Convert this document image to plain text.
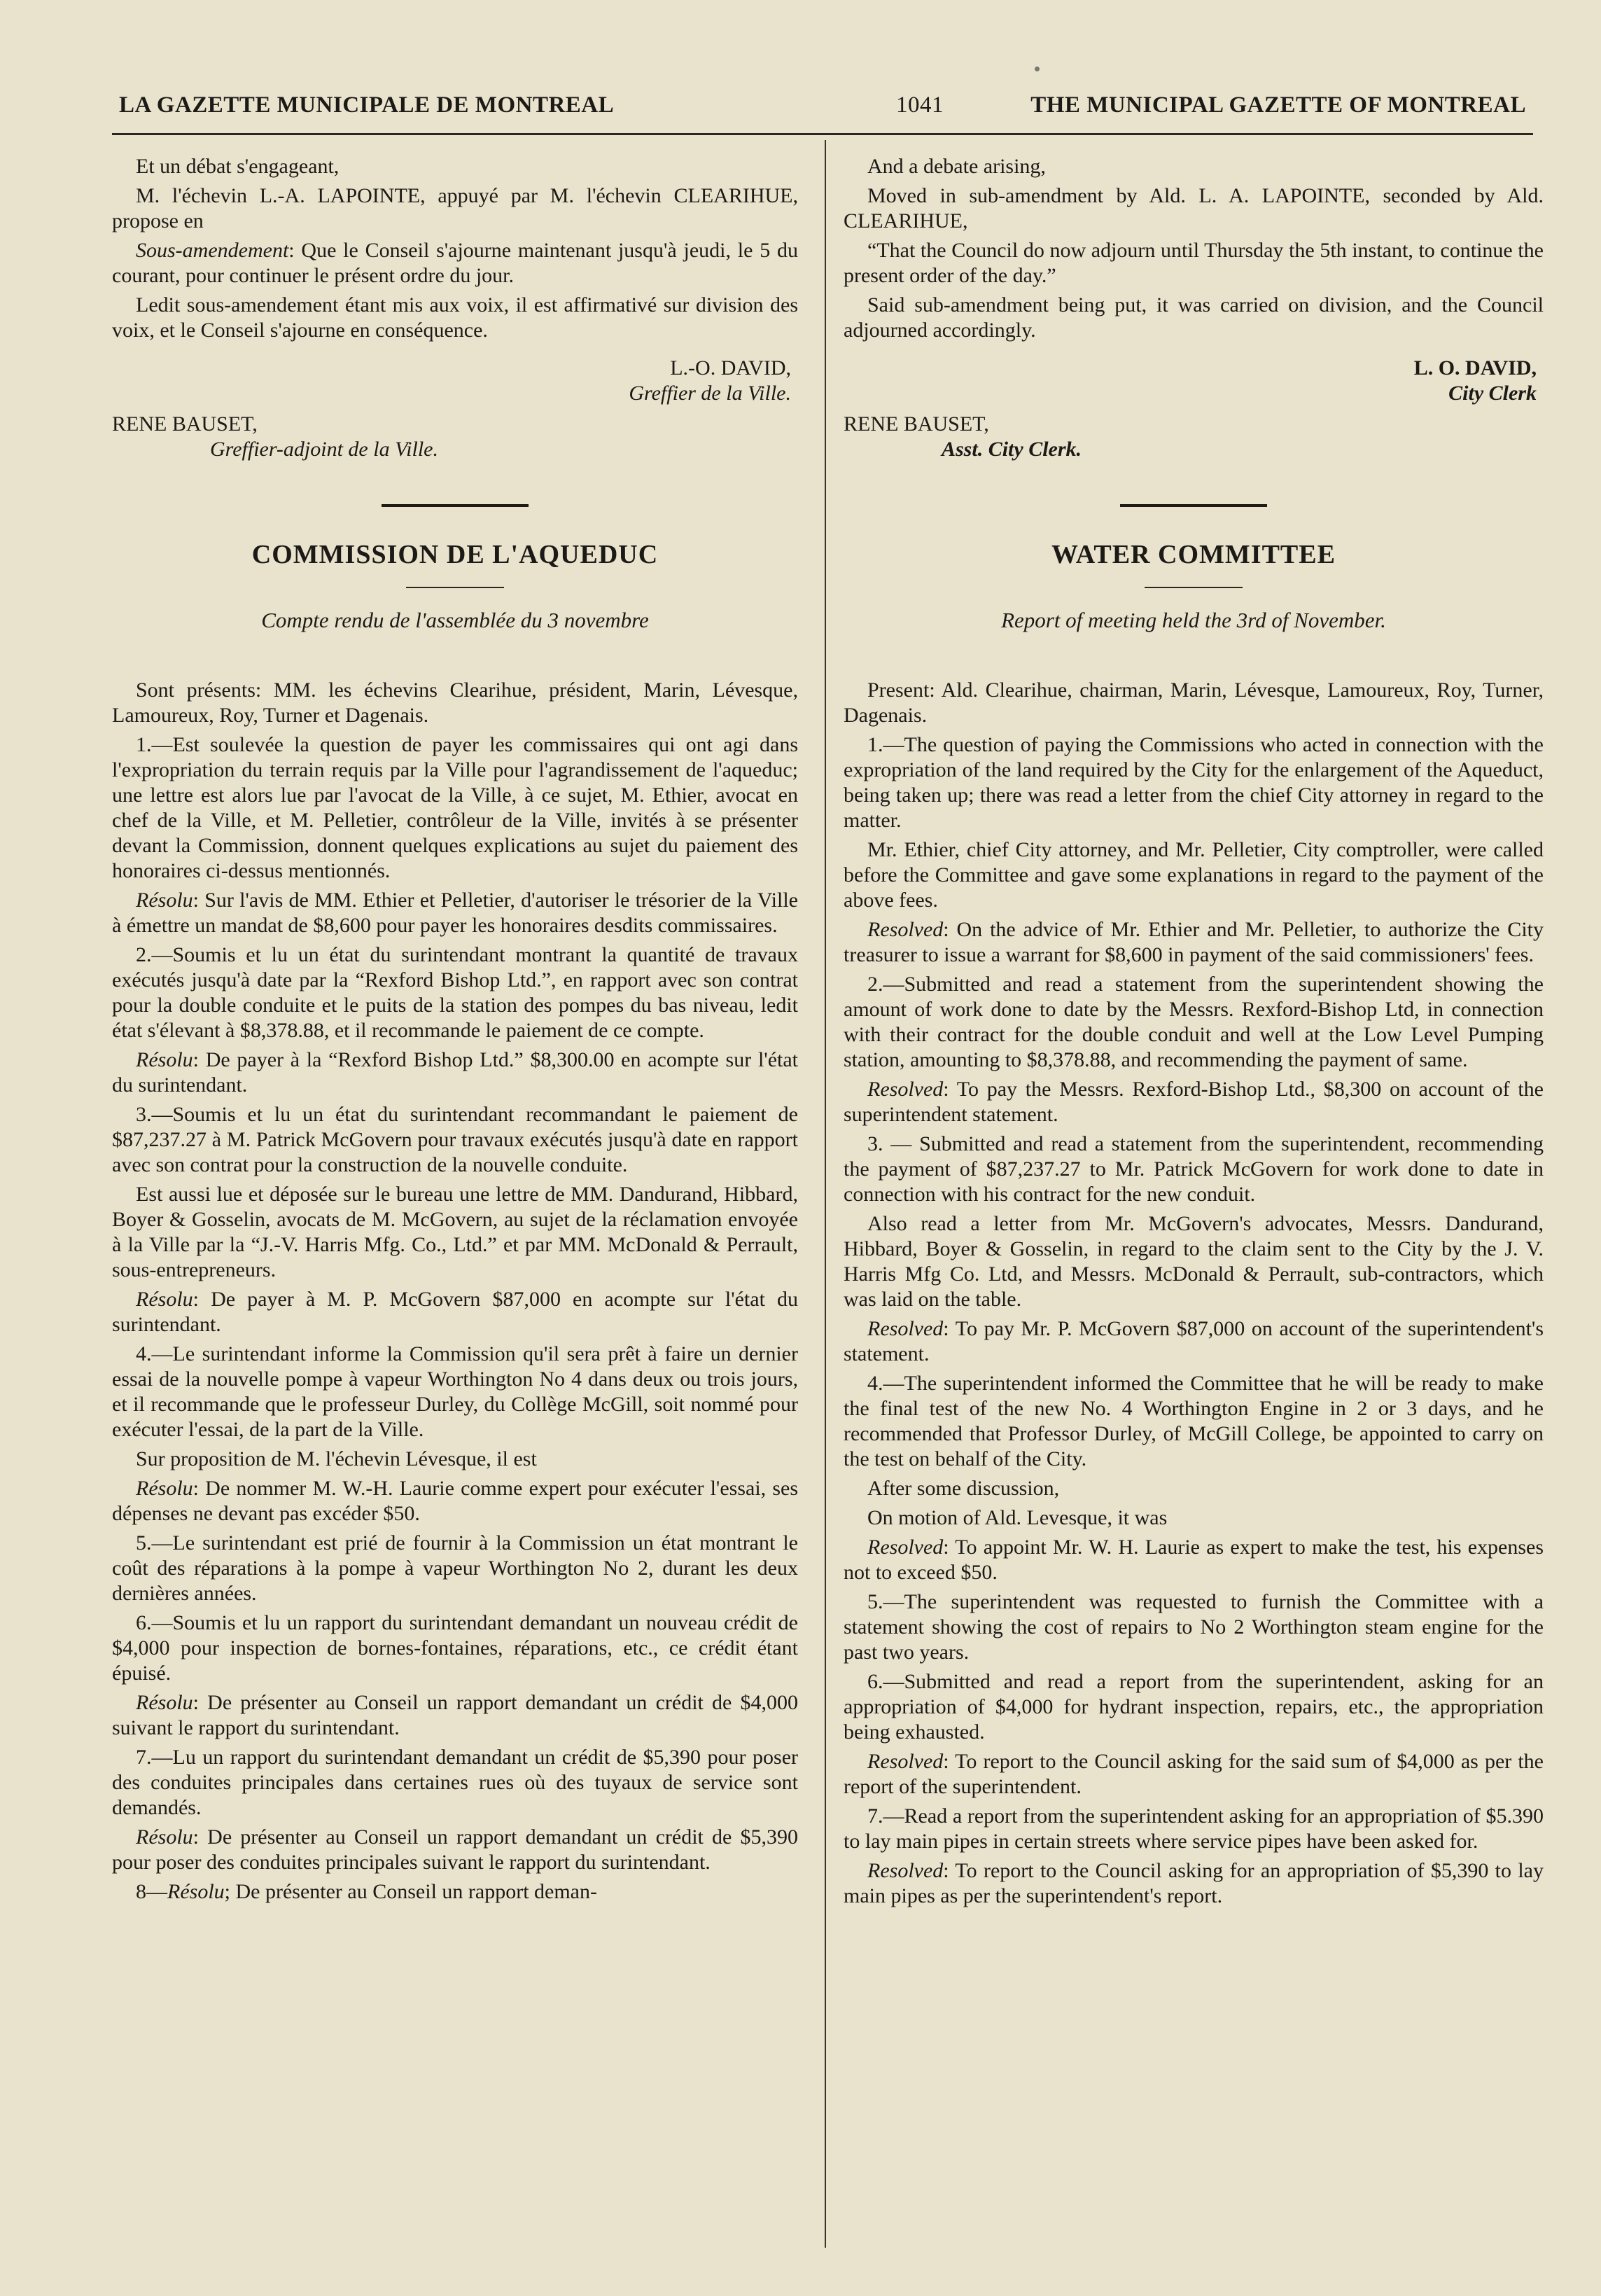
LA GAZETTE MUNICIPALE DE MONTREAL	1041	THE MUNICIPAL GAZETTE OF MONTREAL

Et un débat s'engageant,

M. l'échevin L.-A. LAPOINTE, appuyé par M. l'échevin CLEARIHUE, propose en

Sous-amendement: Que le Conseil s'ajourne maintenant jusqu'à jeudi, le 5 du courant, pour continuer le présent ordre du jour.

Ledit sous-amendement étant mis aux voix, il est affirmativé sur division des voix, et le Conseil s'ajourne en conséquence.

L.-O. DAVID,

Greffier de la Ville.

RENE BAUSET,

Greffier-adjoint de la Ville.

COMMISSION DE L'AQUEDUC

Compte rendu de l'assemblée du 3 novembre

Sont présents: MM. les échevins Clearihue, président, Marin, Lévesque, Lamoureux, Roy, Turner et Dagenais.

1.—Est soulevée la question de payer les commissaires qui ont agi dans l'expropriation du terrain requis par la Ville pour l'agrandissement de l'aqueduc; une lettre est alors lue par l'avocat de la Ville, à ce sujet, M. Ethier, avocat en chef de la Ville, et M. Pelletier, contrôleur de la Ville, invités à se présenter devant la Commission, donnent quelques explications au sujet du paiement des honoraires ci-dessus mentionnés.

Résolu: Sur l'avis de MM. Ethier et Pelletier, d'autoriser le trésorier de la Ville à émettre un mandat de $8,600 pour payer les honoraires desdits commissaires.

2.—Soumis et lu un état du surintendant montrant la quantité de travaux exécutés jusqu'à date par la “Rexford Bishop Ltd.”, en rapport avec son contrat pour la double conduite et le puits de la station des pompes du bas niveau, ledit état s'élevant à $8,378.88, et il recommande le paiement de ce compte.

Résolu: De payer à la “Rexford Bishop Ltd.” $8,300.00 en acompte sur l'état du surintendant.

3.—Soumis et lu un état du surintendant recommandant le paiement de $87,237.27 à M. Patrick McGovern pour travaux exécutés jusqu'à date en rapport avec son contrat pour la construction de la nouvelle conduite.

Est aussi lue et déposée sur le bureau une lettre de MM. Dandurand, Hibbard, Boyer & Gosselin, avocats de M. McGovern, au sujet de la réclamation envoyée à la Ville par la “J.-V. Harris Mfg. Co., Ltd.” et par MM. McDonald & Perrault, sous-entrepreneurs.

Résolu: De payer à M. P. McGovern $87,000 en acompte sur l'état du surintendant.

4.—Le surintendant informe la Commission qu'il sera prêt à faire un dernier essai de la nouvelle pompe à vapeur Worthington No 4 dans deux ou trois jours, et il recommande que le professeur Durley, du Collège McGill, soit nommé pour exécuter l'essai, de la part de la Ville.

Sur proposition de M. l'échevin Lévesque, il est

Résolu: De nommer M. W.-H. Laurie comme expert pour exécuter l'essai, ses dépenses ne devant pas excéder $50.

5.—Le surintendant est prié de fournir à la Commission un état montrant le coût des réparations à la pompe à vapeur Worthington No 2, durant les deux dernières années.

6.—Soumis et lu un rapport du surintendant demandant un nouveau crédit de $4,000 pour inspection de bornes-fontaines, réparations, etc., ce crédit étant épuisé.

Résolu: De présenter au Conseil un rapport demandant un crédit de $4,000 suivant le rapport du surintendant.

7.—Lu un rapport du surintendant demandant un crédit de $5,390 pour poser des conduites principales dans certaines rues où des tuyaux de service sont demandés.

Résolu: De présenter au Conseil un rapport demandant un crédit de $5,390 pour poser des conduites principales suivant le rapport du surintendant.

8—Résolu; De présenter au Conseil un rapport deman-

And a debate arising,

Moved in sub-amendment by Ald. L. A. LAPOINTE, seconded by Ald. CLEARIHUE,

“That the Council do now adjourn until Thursday the 5th instant, to continue the present order of the day.”

Said sub-amendment being put, it was carried on division, and the Council adjourned accordingly.

L. O. DAVID,

City Clerk

RENE BAUSET,

Asst. City Clerk.

WATER COMMITTEE

Report of meeting held the 3rd of November.

Present: Ald. Clearihue, chairman, Marin, Lévesque, Lamoureux, Roy, Turner, Dagenais.

1.—The question of paying the Commissions who acted in connection with the expropriation of the land required by the City for the enlargement of the Aqueduct, being taken up; there was read a letter from the chief City attorney in regard to the matter.

Mr. Ethier, chief City attorney, and Mr. Pelletier, City comptroller, were called before the Committee and gave some explanations in regard to the payment of the above fees.

Resolved: On the advice of Mr. Ethier and Mr. Pelletier, to authorize the City treasurer to issue a warrant for $8,600 in payment of the said commissioners' fees.

2.—Submitted and read a statement from the superintendent showing the amount of work done to date by the Messrs. Rexford-Bishop Ltd, in connection with their contract for the double conduit and well at the Low Level Pumping station, amounting to $8,378.88, and recommending the payment of same.

Resolved: To pay the Messrs. Rexford-Bishop Ltd., $8,300 on account of the superintendent statement.

3. — Submitted and read a statement from the superintendent, recommending the payment of $87,237.27 to Mr. Patrick McGovern for work done to date in connection with his contract for the new conduit.

Also read a letter from Mr. McGovern's advocates, Messrs. Dandurand, Hibbard, Boyer & Gosselin, in regard to the claim sent to the City by the J. V. Harris Mfg Co. Ltd, and Messrs. McDonald & Perrault, sub-contractors, which was laid on the table.

Resolved: To pay Mr. P. McGovern $87,000 on account of the superintendent's statement.

4.—The superintendent informed the Committee that he will be ready to make the final test of the new No. 4 Worthington Engine in 2 or 3 days, and he recommended that Professor Durley, of McGill College, be appointed to carry on the test on behalf of the City.

After some discussion,

On motion of Ald. Levesque, it was

Resolved: To appoint Mr. W. H. Laurie as expert to make the test, his expenses not to exceed $50.

5.—The superintendent was requested to furnish the Committee with a statement showing the cost of repairs to No 2 Worthington steam engine for the past two years.

6.—Submitted and read a report from the superintendent, asking for an appropriation of $4,000 for hydrant inspection, repairs, etc., the appropriation being exhausted.

Resolved: To report to the Council asking for the said sum of $4,000 as per the report of the superintendent.

7.—Read a report from the superintendent asking for an appropriation of $5.390 to lay main pipes in certain streets where service pipes have been asked for.

Resolved: To report to the Council asking for an appropriation of $5,390 to lay main pipes as per the superintendent's report.
